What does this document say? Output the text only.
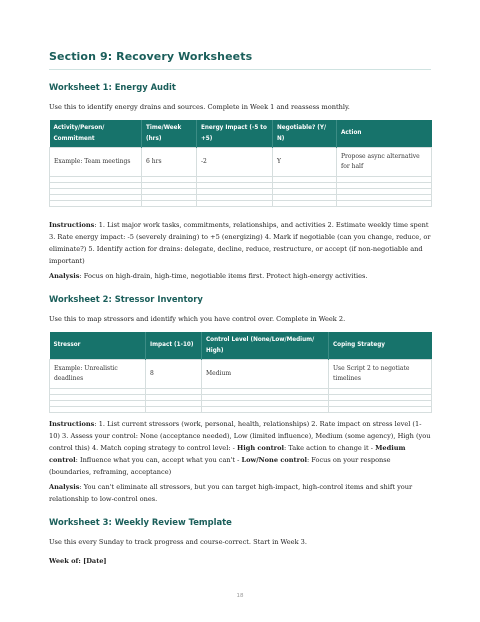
Section 9: Recovery Worksheets
Worksheet 1: Energy Audit
Use this to identify energy drains and sources. Complete in Week 1 and reassess monthly.
Activity/Person/ Commitment	Time/Week (hrs)	Energy Impact (-5 to +5)	Negotiable? (Y/ N)	Action
Example: Team meetings	6 hrs	-2	Y	Propose async alternative for half

Instructions: 1. List major work tasks, commitments, relationships, and activities 2. Estimate weekly time spent 3. Rate energy impact: -5 (severely draining) to +5 (energizing) 4. Mark if negotiable (can you change, reduce, or eliminate?) 5. Identify action for drains: delegate, decline, reduce, restructure, or accept (if non-negotiable and important)
Analysis: Focus on high-drain, high-time, negotiable items first. Protect high-energy activities.
Worksheet 2: Stressor Inventory
Use this to map stressors and identify which you have control over. Complete in Week 2.
Stressor	Impact (1-10)	Control Level (None/Low/Medium/ High)	Coping Strategy
Example: Unrealistic deadlines	8	Medium	Use Script 2 to negotiate timelines

Instructions: 1. List current stressors (work, personal, health, relationships) 2. Rate impact on stress level (1-10) 3. Assess your control: None (acceptance needed), Low (limited influence), Medium (some agency), High (you control this) 4. Match coping strategy to control level: - High control: Take action to change it - Medium control: Influence what you can, accept what you can't - Low/None control: Focus on your response (boundaries, reframing, acceptance)
Analysis: You can't eliminate all stressors, but you can target high-impact, high-control items and shift your relationship to low-control ones.
Worksheet 3: Weekly Review Template
Use this every Sunday to track progress and course-correct. Start in Week 3.
Week of: [Date]
18
